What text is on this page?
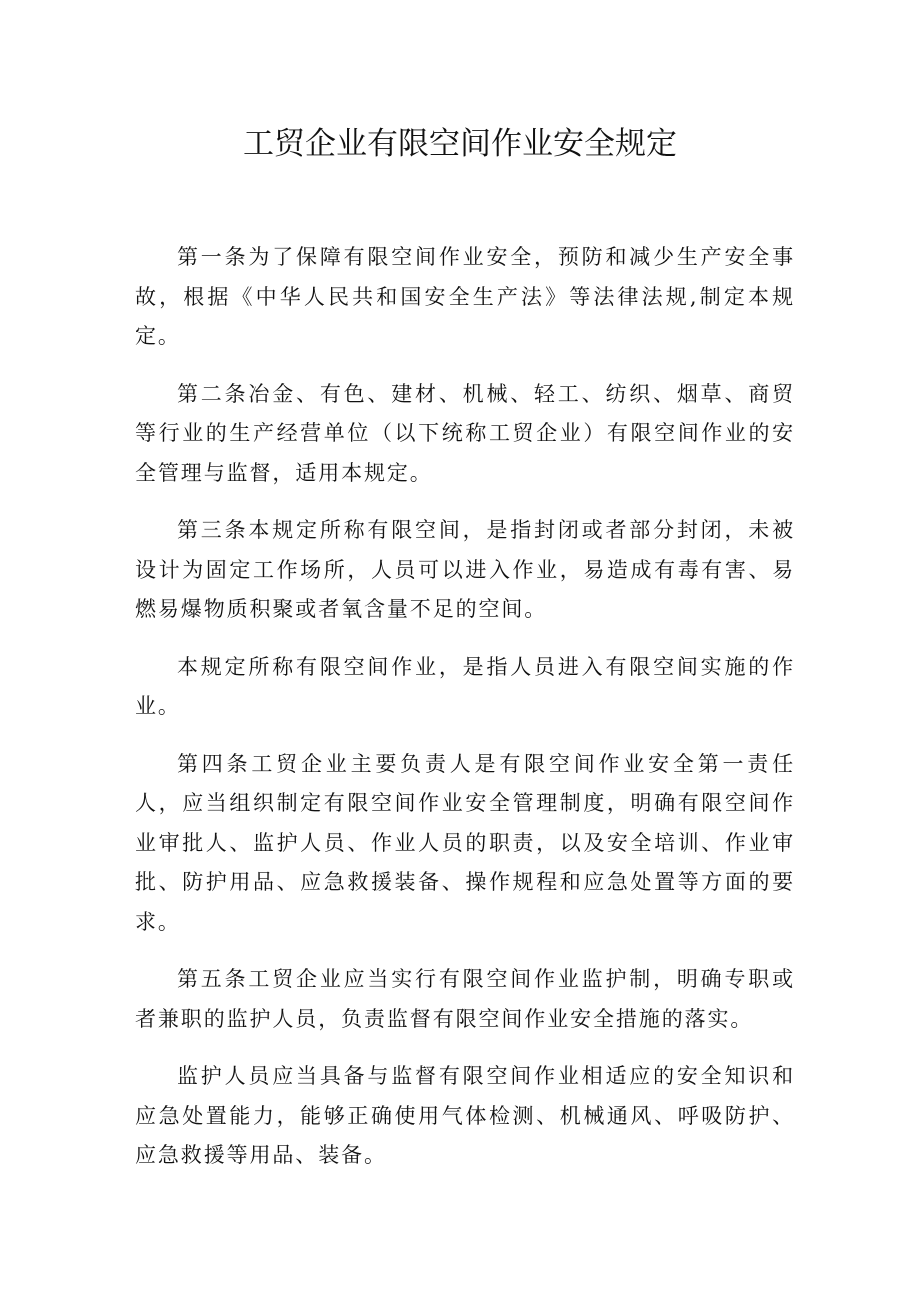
工贸企业有限空间作业安全规定

第一条为了保障有限空间作业安全，预防和减少生产安全事故，根据《中华人民共和国安全生产法》等法律法规,制定本规定。

第二条冶金、有色、建材、机械、轻工、纺织、烟草、商贸等行业的生产经营单位（以下统称工贸企业）有限空间作业的安全管理与监督，适用本规定。

第三条本规定所称有限空间，是指封闭或者部分封闭，未被设计为固定工作场所，人员可以进入作业，易造成有毒有害、易燃易爆物质积聚或者氧含量不足的空间。

本规定所称有限空间作业，是指人员进入有限空间实施的作业。

第四条工贸企业主要负责人是有限空间作业安全第一责任人，应当组织制定有限空间作业安全管理制度，明确有限空间作业审批人、监护人员、作业人员的职责，以及安全培训、作业审批、防护用品、应急救援装备、操作规程和应急处置等方面的要求。

第五条工贸企业应当实行有限空间作业监护制，明确专职或者兼职的监护人员，负责监督有限空间作业安全措施的落实。

监护人员应当具备与监督有限空间作业相适应的安全知识和应急处置能力，能够正确使用气体检测、机械通风、呼吸防护、应急救援等用品、装备。
